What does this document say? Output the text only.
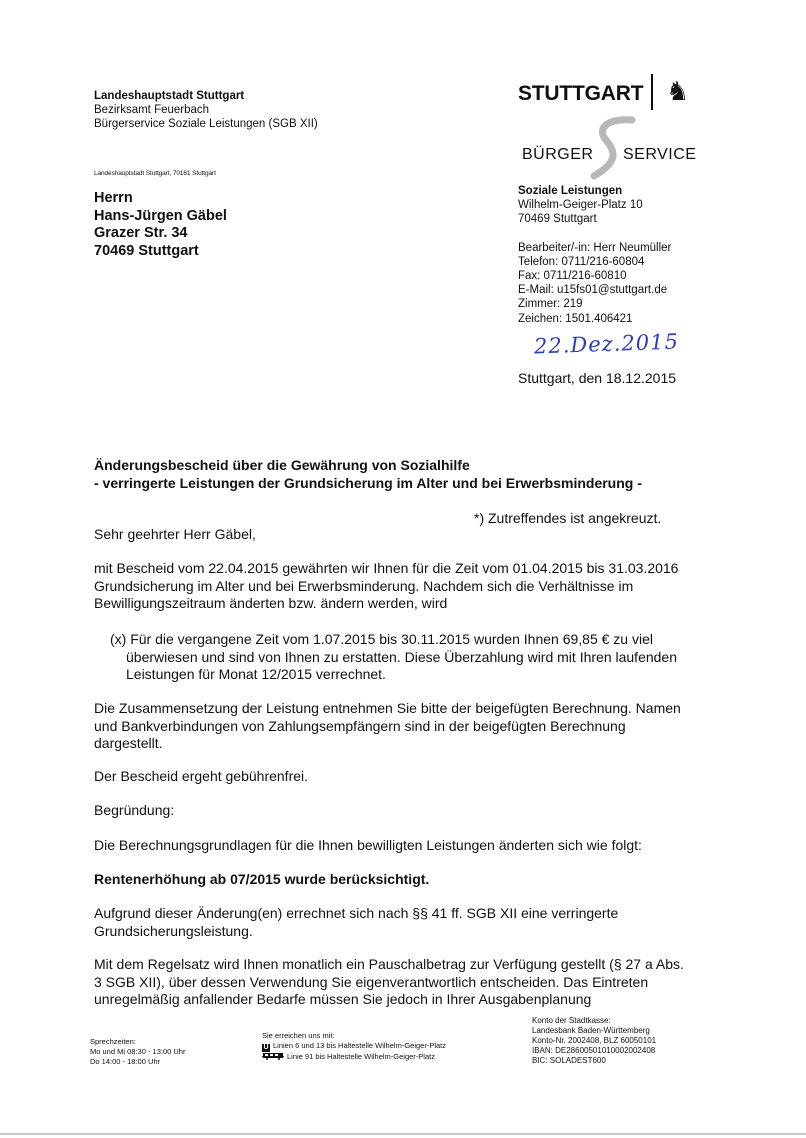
Landeshauptstadt Stuttgart
Bezirksamt Feuerbach
Bürgerservice Soziale Leistungen (SGB XII)
Landeshauptstadt Stuttgart, 70161 Stuttgart
Herrn
Hans-Jürgen Gäbel
Grazer Str. 34
70469 Stuttgart
STUTTGART ♞
BÜRGER SERVICE
Soziale Leistungen
Wilhelm-Geiger-Platz 10
70469 Stuttgart
Bearbeiter/-in: Herr Neumüller
Telefon: 0711/216-60804
Fax: 0711/216-60810
E-Mail: u15fs01@stuttgart.de
Zimmer: 219
Zeichen: 1501.406421
22.Dez.2015
Stuttgart, den 18.12.2015
Änderungsbescheid über die Gewährung von Sozialhilfe
- verringerte Leistungen der Grundsicherung im Alter und bei Erwerbsminderung -
*) Zutreffendes ist angekreuzt.
Sehr geehrter Herr Gäbel,
mit Bescheid vom 22.04.2015 gewährten wir Ihnen für die Zeit vom 01.04.2015 bis 31.03.2016 Grundsicherung im Alter und bei Erwerbsminderung. Nachdem sich die Verhältnisse im Bewilligungszeitraum änderten bzw. ändern werden, wird
(x) Für die vergangene Zeit vom 1.07.2015 bis 30.11.2015 wurden Ihnen 69,85 € zu viel überwiesen und sind von Ihnen zu erstatten. Diese Überzahlung wird mit Ihren laufenden Leistungen für Monat 12/2015 verrechnet.
Die Zusammensetzung der Leistung entnehmen Sie bitte der beigefügten Berechnung. Namen und Bankverbindungen von Zahlungsempfängern sind in der beigefügten Berechnung dargestellt.
Der Bescheid ergeht gebührenfrei.
Begründung:
Die Berechnungsgrundlagen für die Ihnen bewilligten Leistungen änderten sich wie folgt:
Rentenerhöhung ab 07/2015 wurde berücksichtigt.
Aufgrund dieser Änderung(en) errechnet sich nach §§ 41 ff. SGB XII eine verringerte Grundsicherungsleistung.
Mit dem Regelsatz wird Ihnen monatlich ein Pauschalbetrag zur Verfügung gestellt (§ 27 a Abs. 3 SGB XII), über dessen Verwendung Sie eigenverantwortlich entscheiden. Das Eintreten unregelmäßig anfallender Bedarfe müssen Sie jedoch in Ihrer Ausgabenplanung
Sprechzeiten:
Mo und Mi 08:30 - 13:00 Uhr
Do 14:00 - 18:00 Uhr
Sie erreichen uns mit:
U Linien 6 und 13 bis Haltestelle Wilhelm-Geiger-Platz
Linie 91 bis Haltestelle Wilhelm-Geiger-Platz
Konto der Stadtkasse:
Landesbank Baden-Württemberg
Konto-Nr. 2002408, BLZ 60050101
IBAN: DE28600501010002002408
BIC: SOLADEST600
